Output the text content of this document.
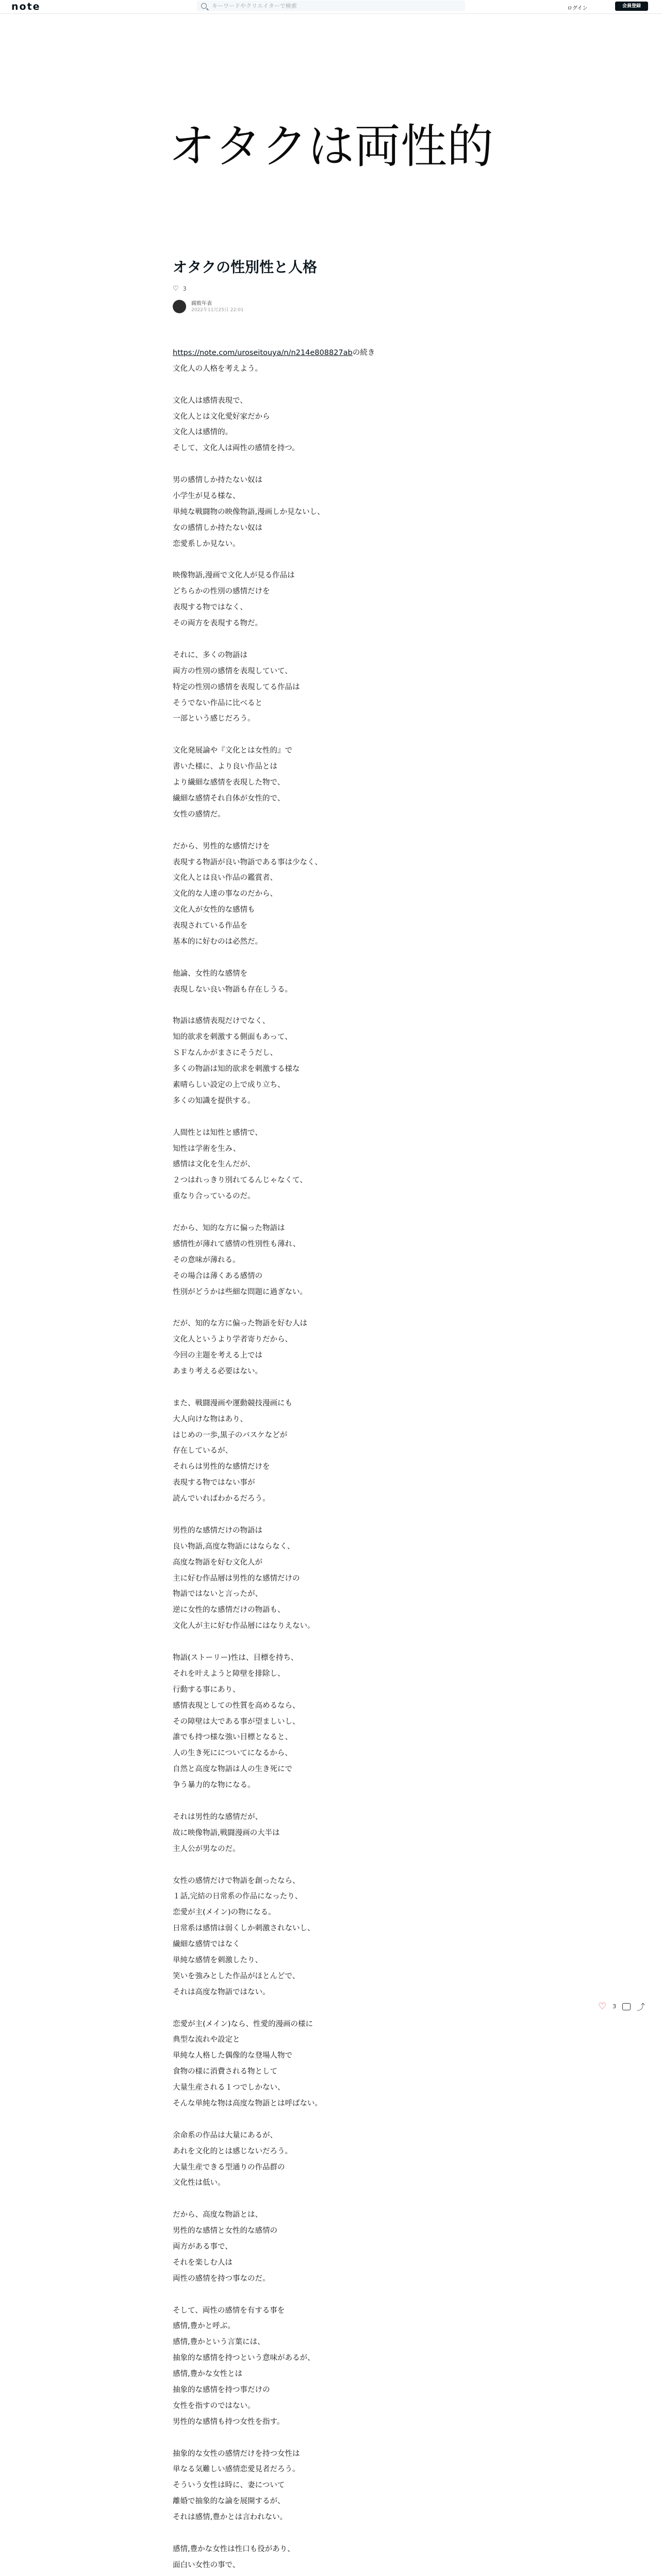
note
キーワードやクリエイターで検索	ログイン	会員登録
オタクは両性的
オタクの性別性と人格
♡ 3
腐敗年表
2022年11月25日 22:01
https://note.com/uroseitouya/n/n214e808827abの続き
文化人の人格を考えよう。
文化人は感情表現で、
文化人とは文化愛好家だから
文化人は感情的。
そして、文化人は両性の感情を持つ。
男の感情しか持たない奴は
小学生が見る様な、
単純な戦闘物の映像物語,漫画しか見ないし、
女の感情しか持たない奴は
恋愛系しか見ない。
映像物語,漫画で文化人が見る作品は
どちらかの性別の感情だけを
表現する物ではなく、
その両方を表現する物だ。
それに、多くの物語は
両方の性別の感情を表現していて、
特定の性別の感情を表現してる作品は
そうでない作品に比べると
一部という感じだろう。
文化発展論や『文化とは女性的』で
書いた様に、より良い作品とは
より繊細な感情を表現した物で、
繊細な感情それ自体が女性的で、
女性の感情だ。
だから、男性的な感情だけを
表現する物語が良い物語である事は少なく、
文化人とは良い作品の鑑賞者、
文化的な人達の事なのだから、
文化人が女性的な感情も
表現されている作品を
基本的に好むのは必然だ。
他論、女性的な感情を
表現しない良い物語も存在しうる。
物語は感情表現だけでなく、
知的欲求を刺激する側面もあって、
ＳＦなんかがまさにそうだし、
多くの物語は知的欲求を刺激する様な
素晴らしい設定の上で成り立ち、
多くの知識を提供する。
人間性とは知性と感情で、
知性は学術を生み、
感情は文化を生んだが、
２つはれっきり別れてるんじゃなくて、
重なり合っているのだ。
だから、知的な方に偏った物語は
感情性が薄れて感情の性別性も薄れ、
その意味が薄れる。
その場合は薄くある感情の
性別がどうかは些細な問題に過ぎない。
だが、知的な方に偏った物語を好む人は
文化人というより学者寄りだから、
今回の主題を考える上では
あまり考える必要はない。
また、戦闘漫画や運動競技漫画にも
大人向けな物はあり、
はじめの一歩,黒子のバスケなどが
存在しているが、
それらは男性的な感情だけを
表現する物ではない事が
読んでいればわかるだろう。
男性的な感情だけの物語は
良い物語,高度な物語にはならなく、
高度な物語を好む文化人が
主に好む作品層は男性的な感情だけの
物語ではないと言ったが、
逆に女性的な感情だけの物語も、
文化人が主に好む作品層にはなりえない。
物語(ストーリー)性は、目標を持ち、
それを叶えようと障壁を排除し、
行動する事にあり、
感情表現としての性質を高めるなら、
その障壁は大である事が望ましいし、
誰でも持つ様な強い目標となると、
人の生き死にについてになるから、
自然と高度な物語は人の生き死にで
争う暴力的な物になる。
それは男性的な感情だが、
故に映像物語,戦闘漫画の大半は
主人公が男なのだ。
女性の感情だけで物語を創ったなら、
１話,完結の日常系の作品になったり、
恋愛が主(メイン)の物になる。
日常系は感情は弱くしか刺激されないし、
繊細な感情ではなく
単純な感情を刺激したり、
笑いを強みとした作品がほとんどで、
それは高度な物語ではない。
恋愛が主(メイン)なら、性愛的漫画の様に
典型な流れや設定と
単純な人格した偶像的な登場人物で
食物の様に消費される物として
大量生産される１つでしかない、
そんな単純な物は高度な物語とは呼ばない。
余命系の作品は大量にあるが、
あれを文化的とは感じないだろう。
大量生産できる型通りの作品群の
文化性は低い。
だから、高度な物語とは、
男性的な感情と女性的な感情の
両方がある事で、
それを楽しむ人は
両性の感情を持つ事なのだ。
そして、両性の感情を有する事を
感情,豊かと呼ぶ。
感情,豊かという言葉には、
抽象的な感情を持つという意味があるが、
感情,豊かな女性とは
抽象的な感情を持つ事だけの
女性を指すのではない。
男性的な感情も持つ女性を指す。
抽象的な女性の感情だけを持つ女性は
単なる気難しい感情恋愛見者だろう。
そういう女性は時に、妻について
離婚で抽象的な論を展開するが、
それは感情,豊かとは言われない。
感情,豊かな女性は性口も役があり、
面白い女性の事で、
♡ 3	⤴
